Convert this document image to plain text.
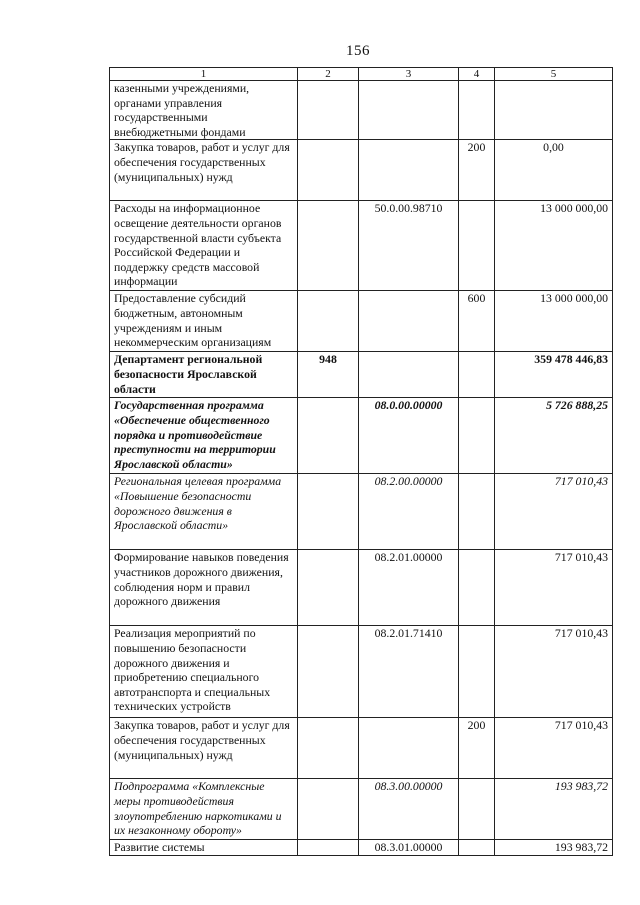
156
1	2	3	4	5
казенными учреждениями, органами управления государственными внебюджетными фондами				
Закупка товаров, работ и услуг для обеспечения государственных (муниципальных) нужд			200	0,00
Расходы на информационное освещение деятельности органов государственной власти субъекта Российской Федерации и поддержку средств массовой информации		50.0.00.98710		13 000 000,00
Предоставление субсидий бюджетным, автономным учреждениям и иным некоммерческим организациям			600	13 000 000,00
Департамент региональной безопасности Ярославской области	948			359 478 446,83
Государственная программа «Обеспечение общественного порядка и противодействие преступности на территории Ярославской области»		08.0.00.00000		5 726 888,25
Региональная целевая программа «Повышение безопасности дорожного движения в Ярославской области»		08.2.00.00000		717 010,43
Формирование навыков поведения участников дорожного движения, соблюдения норм и правил дорожного движения		08.2.01.00000		717 010,43
Реализация мероприятий по повышению безопасности дорожного движения и приобретению специального автотранспорта и специальных технических устройств		08.2.01.71410		717 010,43
Закупка товаров, работ и услуг для обеспечения государственных (муниципальных) нужд			200	717 010,43
Подпрограмма «Комплексные меры противодействия злоупотреблению наркотиками и их незаконному обороту»		08.3.00.00000		193 983,72
Развитие системы		08.3.01.00000		193 983,72
